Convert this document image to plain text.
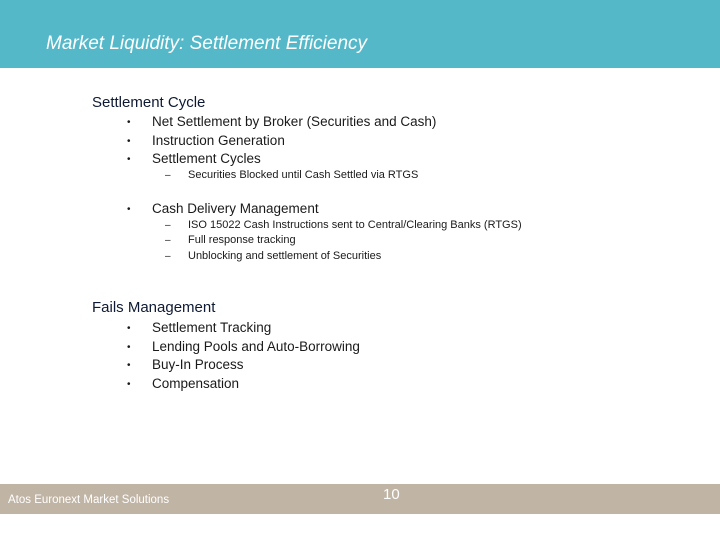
Market Liquidity: Settlement Efficiency
Settlement Cycle
• Net Settlement by Broker (Securities and Cash)
• Instruction Generation
• Settlement Cycles
– Securities Blocked until Cash Settled via RTGS
• Cash Delivery Management
– ISO 15022 Cash Instructions sent to Central/Clearing Banks (RTGS)
– Full response tracking
– Unblocking and settlement of Securities
Fails Management
• Settlement Tracking
• Lending Pools and Auto-Borrowing
• Buy-In Process
• Compensation
Atos Euronext Market Solutions	10
